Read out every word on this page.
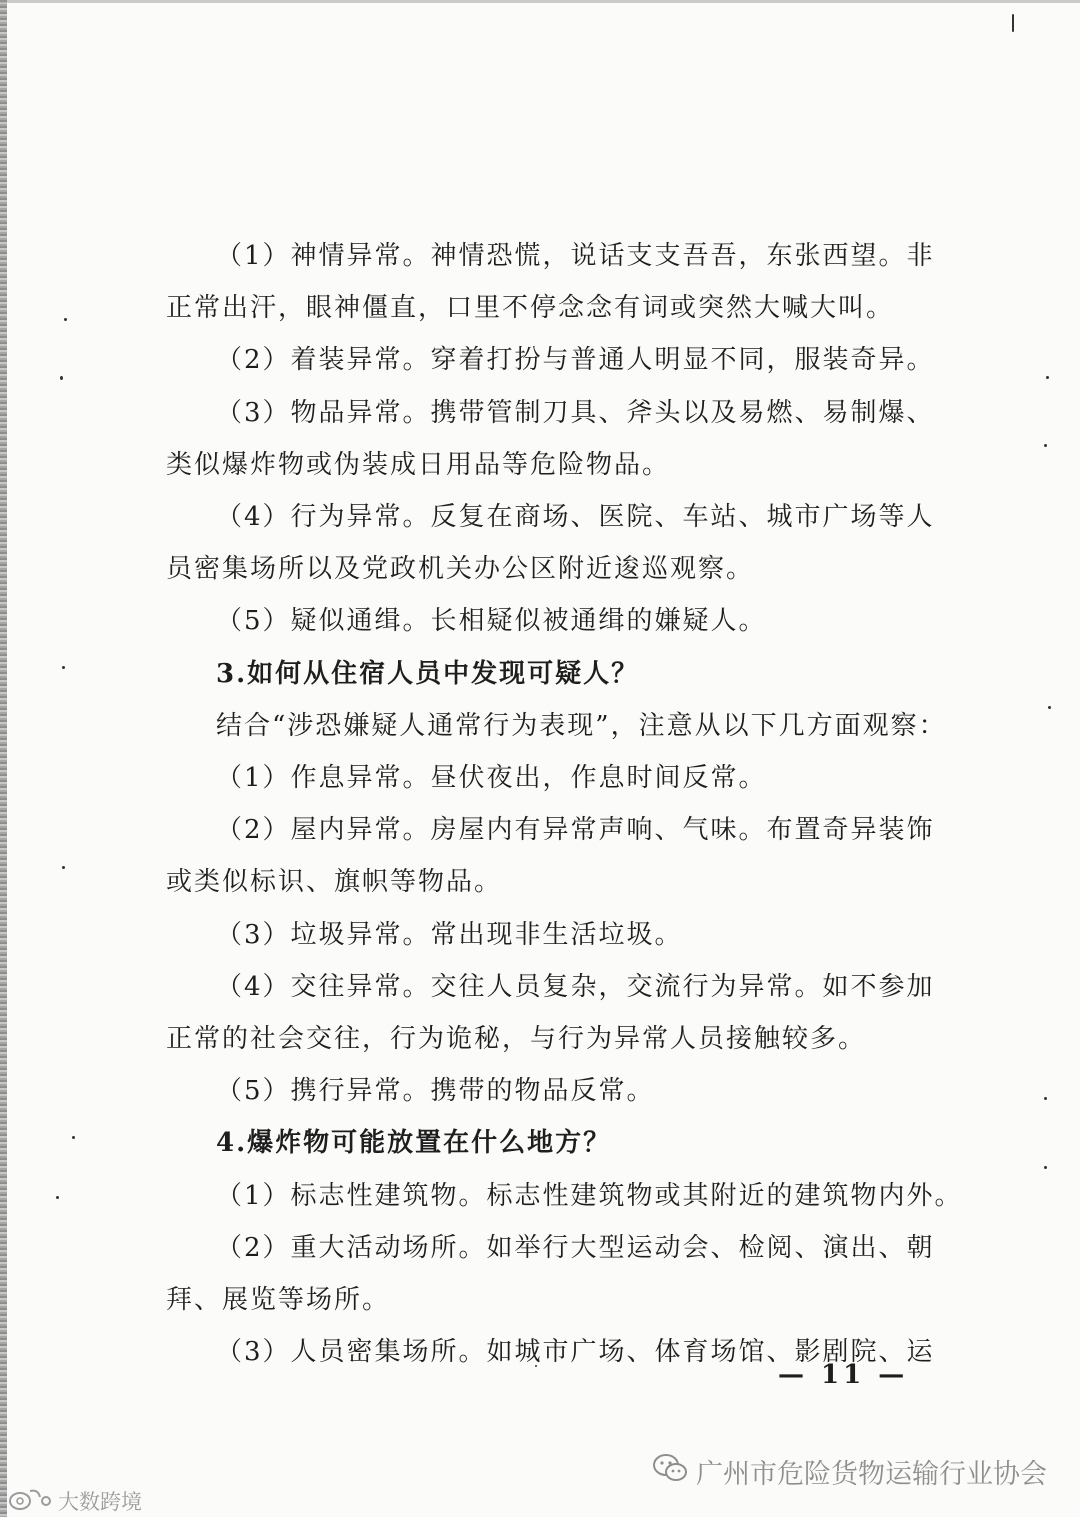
（1）神情异常。神情恐慌，说话支支吾吾，东张西望。非
正常出汗，眼神僵直，口里不停念念有词或突然大喊大叫。
（2）着装异常。穿着打扮与普通人明显不同，服装奇异。
（3）物品异常。携带管制刀具、斧头以及易燃、易制爆、
类似爆炸物或伪装成日用品等危险物品。
（4）行为异常。反复在商场、医院、车站、城市广场等人
员密集场所以及党政机关办公区附近逡巡观察。
（5）疑似通缉。长相疑似被通缉的嫌疑人。
3.如何从住宿人员中发现可疑人？
结合“涉恐嫌疑人通常行为表现”，注意从以下几方面观察：
（1）作息异常。昼伏夜出，作息时间反常。
（2）屋内异常。房屋内有异常声响、气味。布置奇异装饰
或类似标识、旗帜等物品。
（3）垃圾异常。常出现非生活垃圾。
（4）交往异常。交往人员复杂，交流行为异常。如不参加
正常的社会交往，行为诡秘，与行为异常人员接触较多。
（5）携行异常。携带的物品反常。
4.爆炸物可能放置在什么地方？
（1）标志性建筑物。标志性建筑物或其附近的建筑物内外。
（2）重大活动场所。如举行大型运动会、检阅、演出、朝
拜、展览等场所。
（3）人员密集场所。如城市广场、体育场馆、影剧院、运
— 11 —
广州市危险货物运输行业协会
大数跨境
